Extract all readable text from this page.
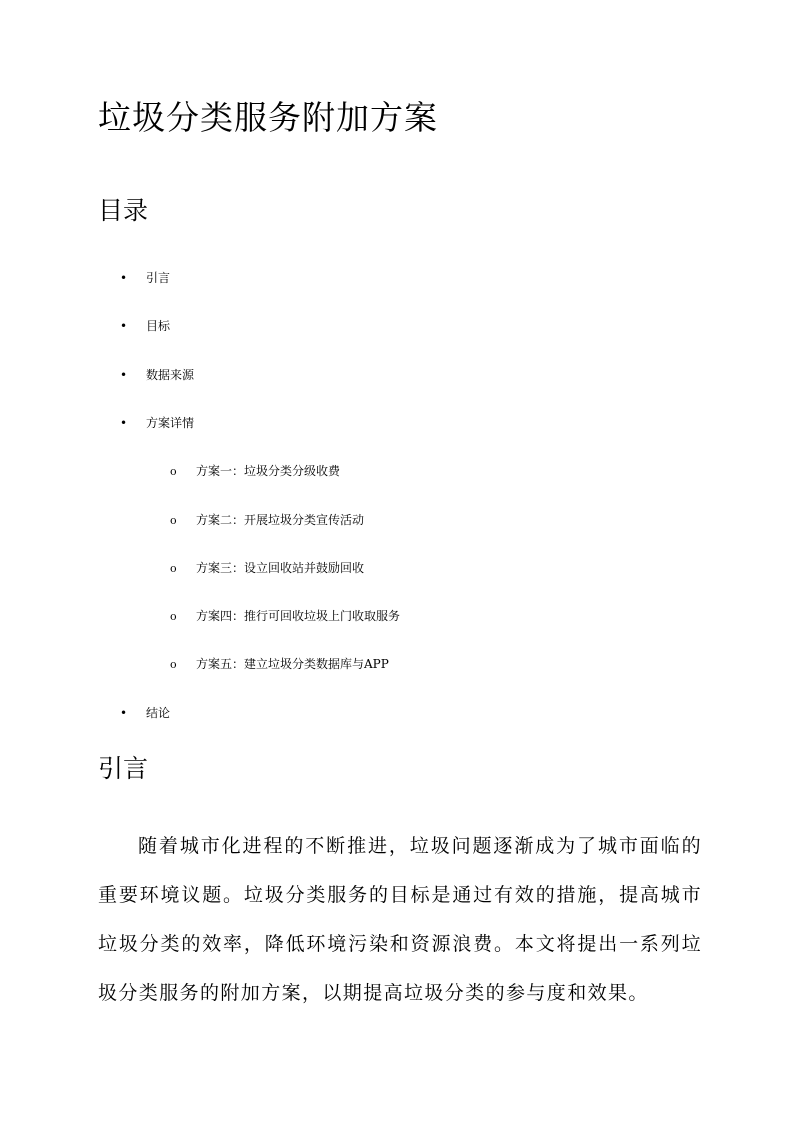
垃圾分类服务附加方案
目录
• 引言
• 目标
• 数据来源
• 方案详情
o 方案一：垃圾分类分级收费
o 方案二：开展垃圾分类宣传活动
o 方案三：设立回收站并鼓励回收
o 方案四：推行可回收垃圾上门收取服务
o 方案五：建立垃圾分类数据库与APP
• 结论
引言

随着城市化进程的不断推进，垃圾问题逐渐成为了城市面临的重要环境议题。垃圾分类服务的目标是通过有效的措施，提高城市垃圾分类的效率，降低环境污染和资源浪费。本文将提出一系列垃圾分类服务的附加方案，以期提高垃圾分类的参与度和效果。
